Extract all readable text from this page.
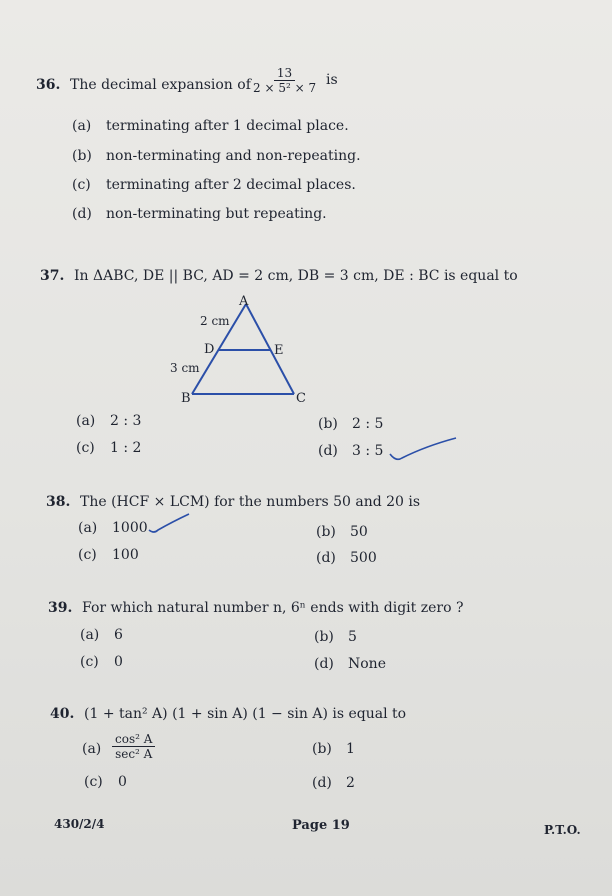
36. The decimal expansion of $\frac{13}{\text{2 × 5² × 7}}$ is
(a) terminating after 1 decimal place.
(b) non-terminating and non-repeating.
(c) terminating after 2 decimal places.
(d) non-terminating but repeating.
37. In ΔABC, DE || BC, AD = 2 cm, DB = 3 cm, DE : BC is equal to
A
B	C
D	E
2 cm
3 cm
(a) 2 : 3	(b) 2 : 5
(c) 1 : 2	(d) 3 : 5
38. The (HCF × LCM) for the numbers 50 and 20 is
(a) 1000	(b) 50
(c) 100	(d) 500
39. For which natural number n, 6ⁿ ends with digit zero ?
(a) 6	(b) 5
(c) 0	(d) None
40. (1 + tan² A) (1 + sin A) (1 − sin A) is equal to
(a)
cos² A
sec² A	(b) 1
(c) 0	(d) 2
430/2/4	Page 19	P.T.O.
